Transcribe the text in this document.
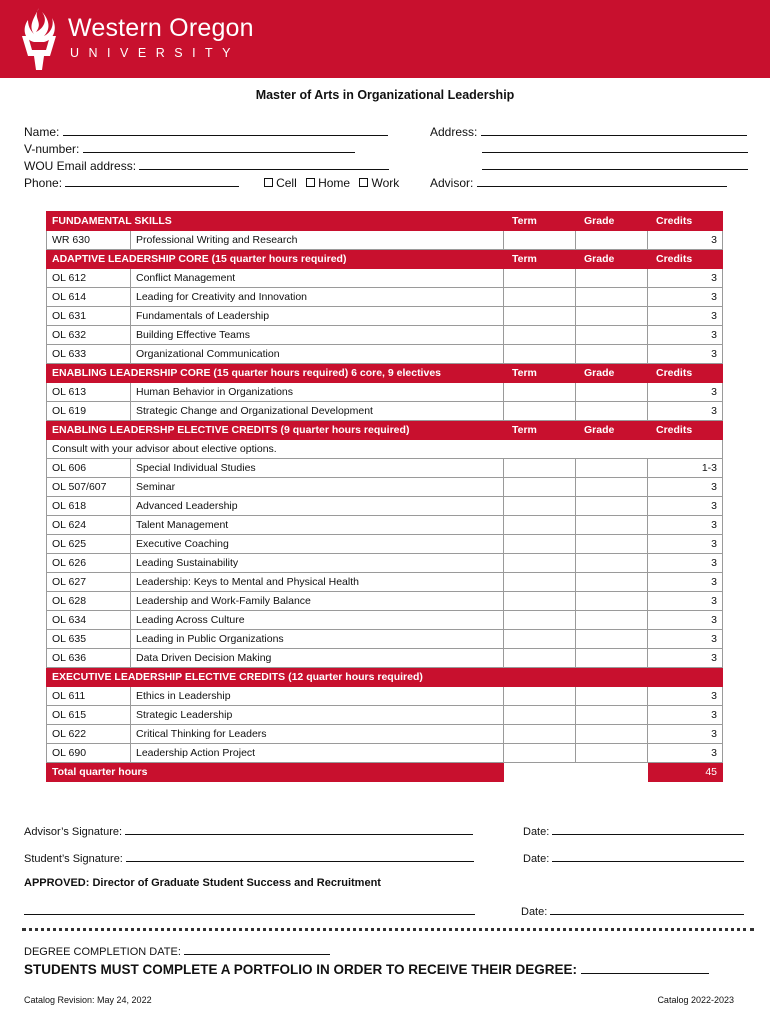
Western Oregon
UNIVERSITY
Master of Arts in Organizational Leadership
Name:
V-number:
WOU Email address:
Phone:	Cell Home Work
Address:
Advisor:
FUNDAMENTAL SKILLS		Term	Grade	Credits
WR 630	Professional Writing and Research			3
ADAPTIVE LEADERSHIP CORE (15 quarter hours required)		Term	Grade	Credits
OL 612	Conflict Management			3
OL 614	Leading for Creativity and Innovation			3
OL 631	Fundamentals of Leadership			3
OL 632	Building Effective Teams			3
OL 633	Organizational Communication			3
ENABLING LEADERSHIP CORE (15 quarter hours required) 6 core, 9 electives		Term	Grade	Credits
OL 613	Human Behavior in Organizations			3
OL 619	Strategic Change and Organizational Development			3
ENABLING LEADERSHP ELECTIVE CREDITS (9 quarter hours required)		Term	Grade	Credits
Consult with your advisor about elective options.				
OL 606	Special Individual Studies			1-3
OL 507/607	Seminar			3
OL 618	Advanced Leadership			3
OL 624	Talent Management			3
OL 625	Executive Coaching			3
OL 626	Leading Sustainability			3
OL 627	Leadership: Keys to Mental and Physical Health			3
OL 628	Leadership and Work-Family Balance			3
OL 634	Leading Across Culture			3
OL 635	Leading in Public Organizations			3
OL 636	Data Driven Decision Making			3
EXECUTIVE LEADERSHIP ELECTIVE CREDITS (12 quarter hours required)				
OL 611	Ethics in Leadership			3
OL 615	Strategic Leadership			3
OL 622	Critical Thinking for Leaders			3
OL 690	Leadership Action Project			3
Total quarter hours				45
Advisor’s Signature:	Date:
Student’s Signature:	Date:
APPROVED: Director of Graduate Student Success and Recruitment
Date:
DEGREE COMPLETION DATE:
STUDENTS MUST COMPLETE A PORTFOLIO IN ORDER TO RECEIVE THEIR DEGREE:
Catalog Revision: May 24, 2022	Catalog 2022-2023
